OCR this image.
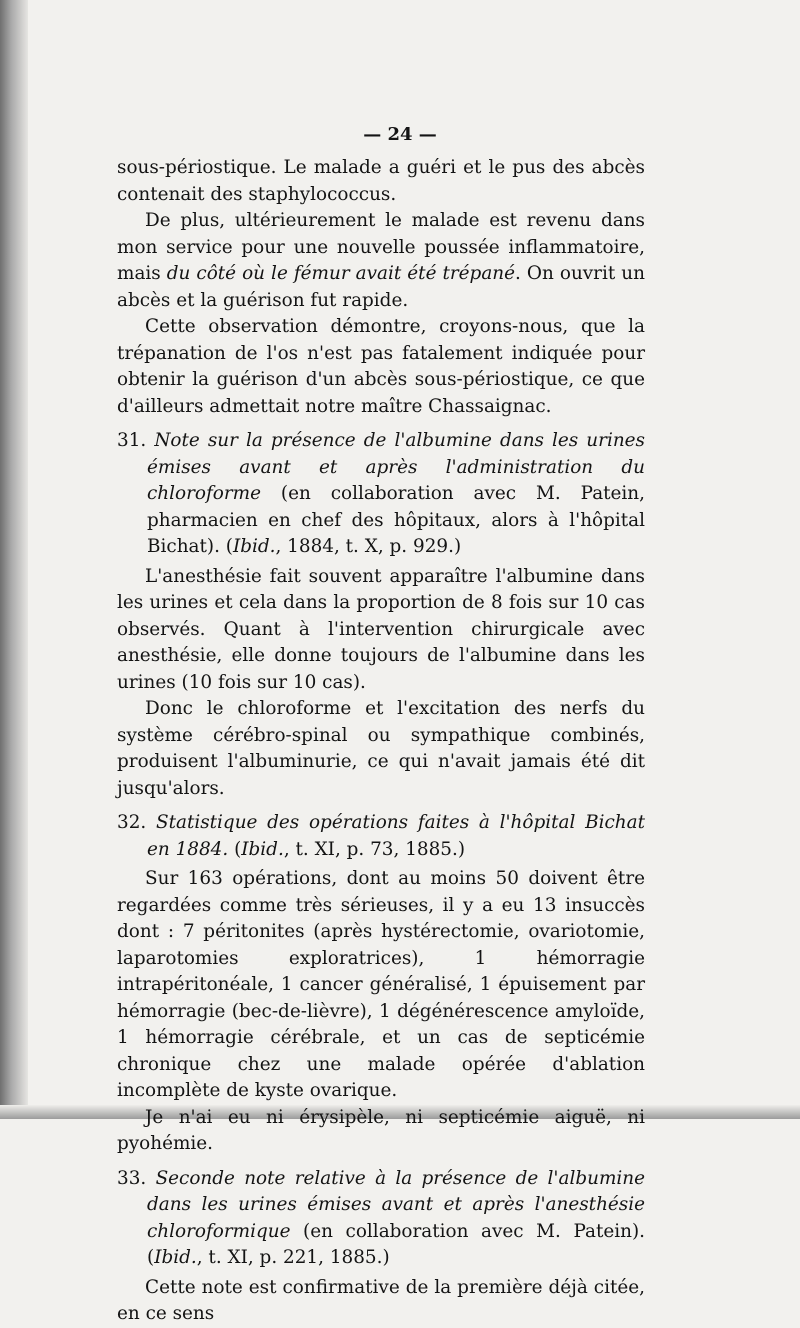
— 24 —

sous-périostique. Le malade a guéri et le pus des abcès contenait des staphylococcus.

De plus, ultérieurement le malade est revenu dans mon service pour une nouvelle poussée inflammatoire, mais du côté où le fémur avait été trépané. On ouvrit un abcès et la guérison fut rapide.

Cette observation démontre, croyons-nous, que la trépanation de l'os n'est pas fatalement indiquée pour obtenir la guérison d'un abcès sous-périostique, ce que d'ailleurs admettait notre maître Chassaignac.

31. Note sur la présence de l'albumine dans les urines émises avant et après l'administration du chloroforme (en collaboration avec M. Patein, pharmacien en chef des hôpitaux, alors à l'hôpital Bichat). (Ibid., 1884, t. X, p. 929.)

L'anesthésie fait souvent apparaître l'albumine dans les urines et cela dans la proportion de 8 fois sur 10 cas observés. Quant à l'intervention chirurgicale avec anesthésie, elle donne toujours de l'albumine dans les urines (10 fois sur 10 cas).

Donc le chloroforme et l'excitation des nerfs du système cérébro-spinal ou sympathique combinés, produisent l'albuminurie, ce qui n'avait jamais été dit jusqu'alors.

32. Statistique des opérations faites à l'hôpital Bichat en 1884. (Ibid., t. XI, p. 73, 1885.)

Sur 163 opérations, dont au moins 50 doivent être regardées comme très sérieuses, il y a eu 13 insuccès dont : 7 péritonites (après hystérectomie, ovariotomie, laparotomies exploratrices), 1 hémorragie intrapéritonéale, 1 cancer généralisé, 1 épuisement par hémorragie (bec-de-lièvre), 1 dégénérescence amyloïde, 1 hémorragie cérébrale, et un cas de septicémie chronique chez une malade opérée d'ablation incomplète de kyste ovarique.

Je n'ai eu ni érysipèle, ni septicémie aiguë, ni pyohémie.

33. Seconde note relative à la présence de l'albumine dans les urines émises avant et après l'anesthésie chloroformique (en collaboration avec M. Patein). (Ibid., t. XI, p. 221, 1885.)

Cette note est confirmative de la première déjà citée, en ce sens
